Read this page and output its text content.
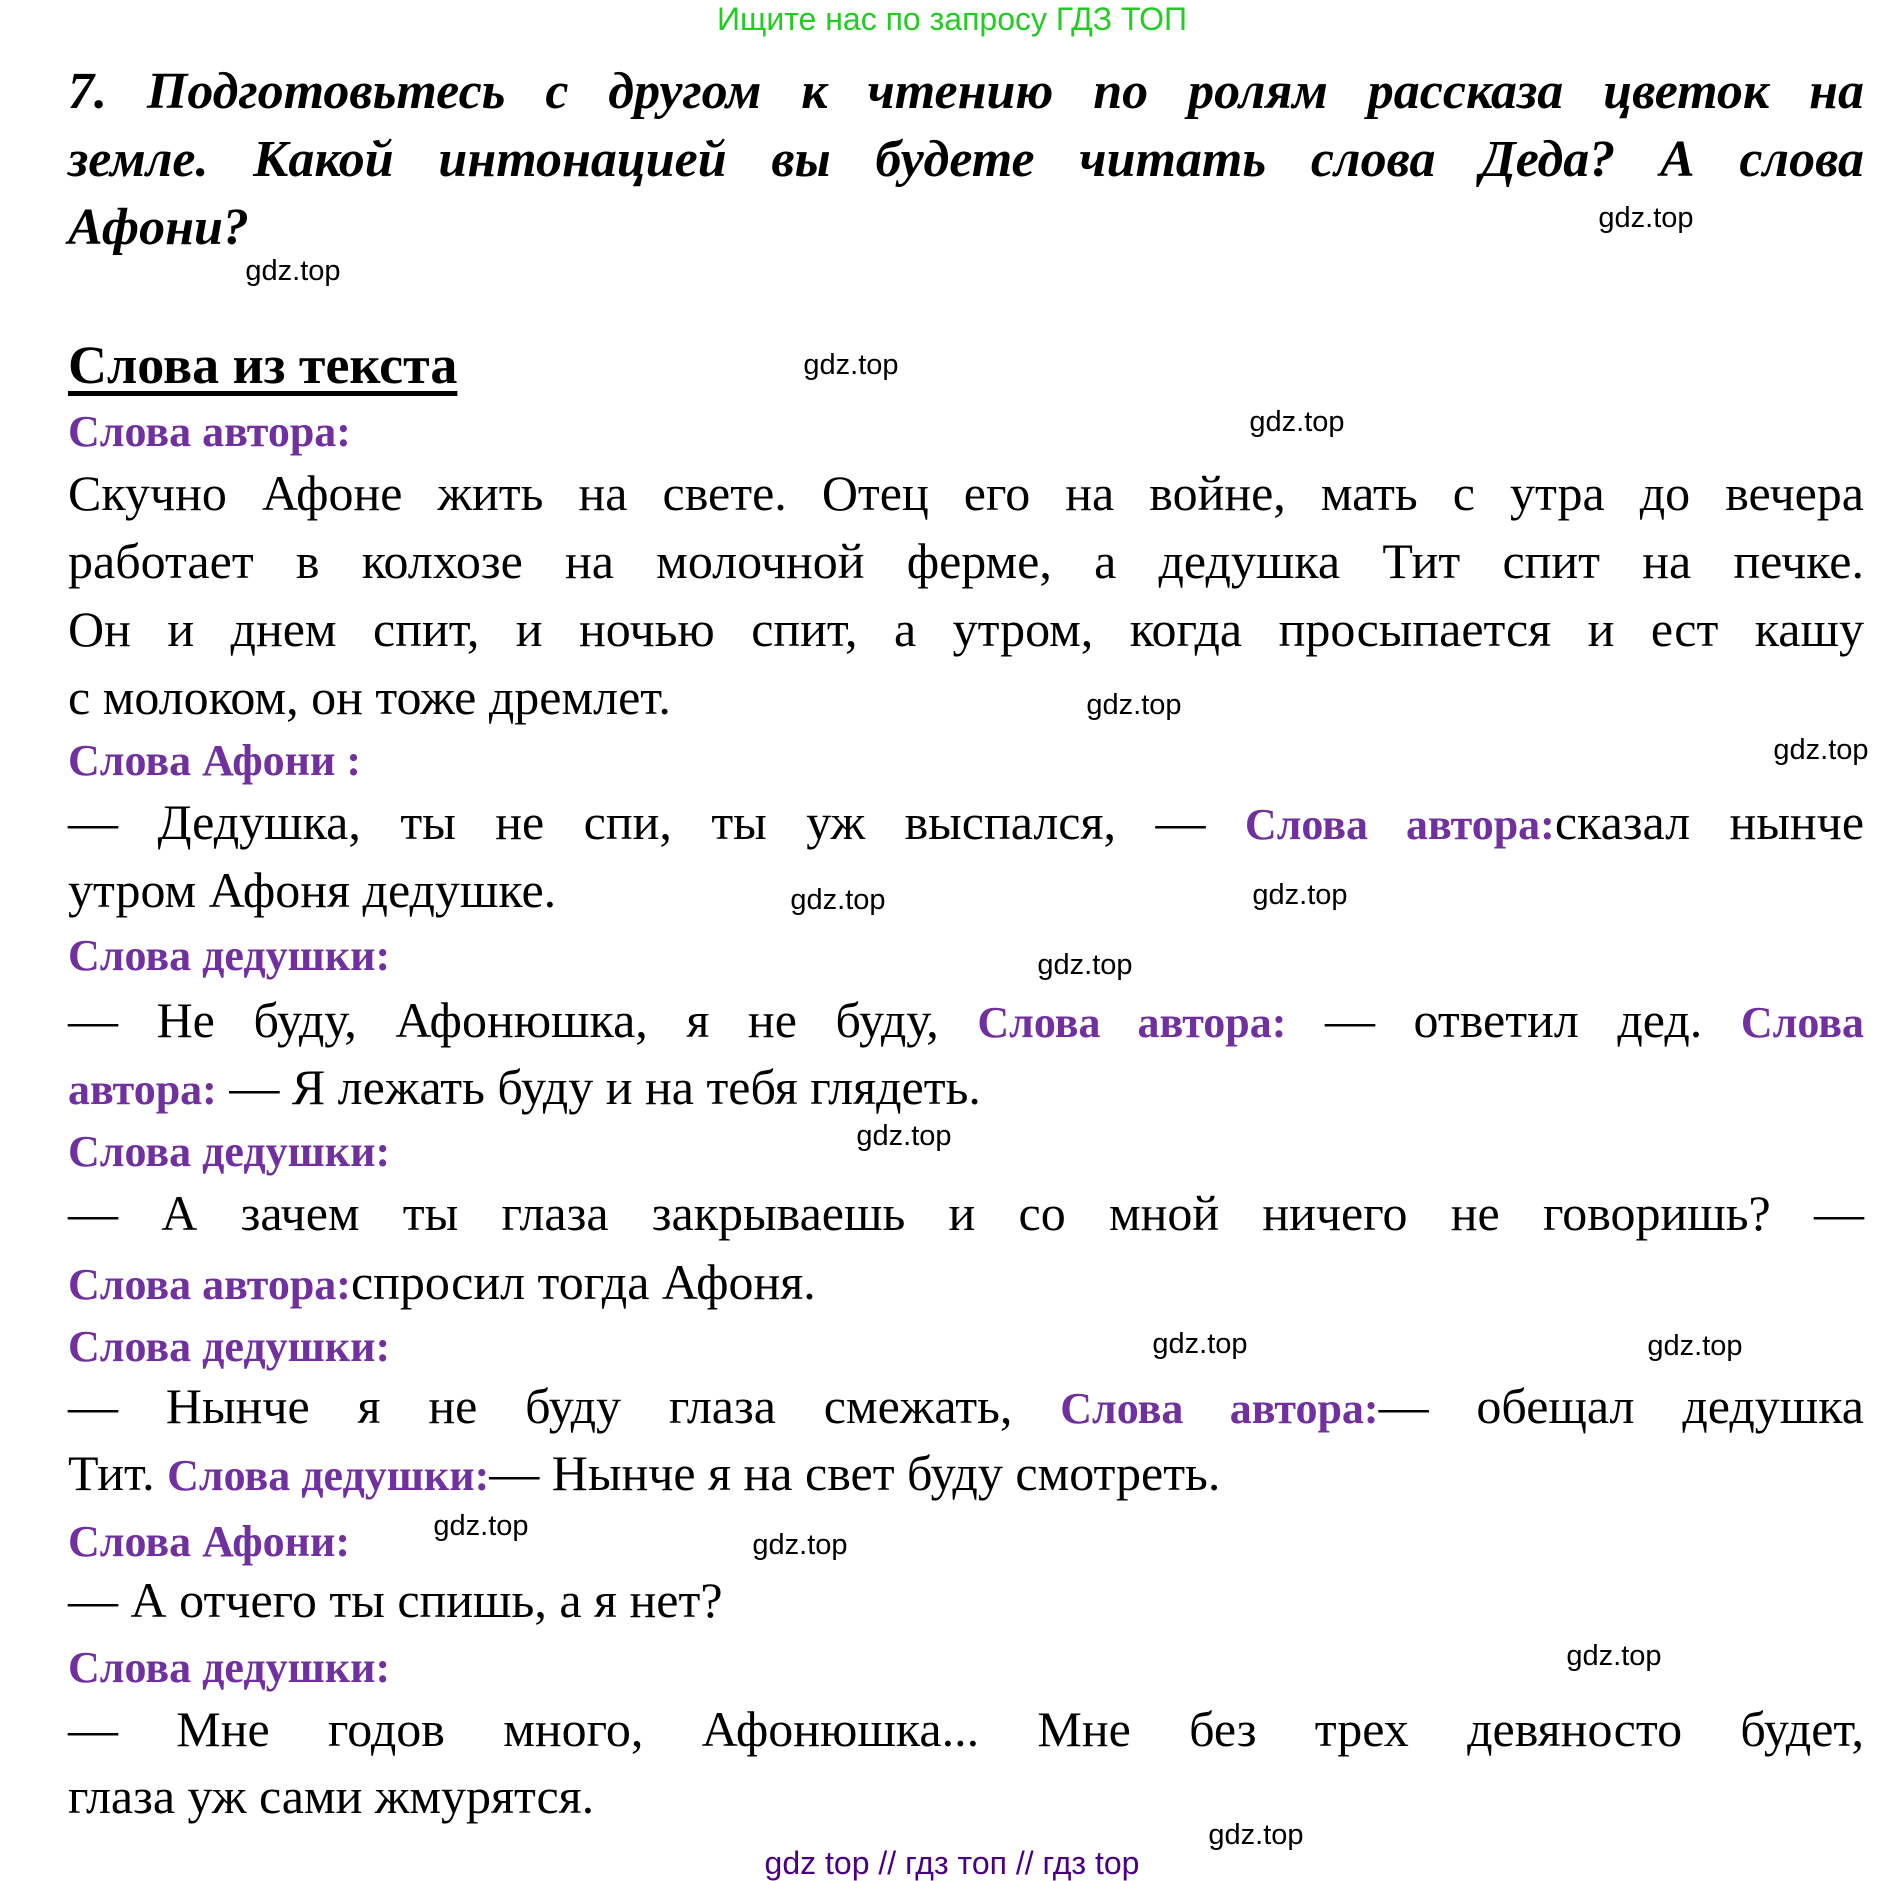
Ищите нас по запросу ГДЗ ТОП
7. Подготовьтесь с другом к чтению по ролям рассказа цветок на
земле. Какой интонацией вы будете читать слова Деда? А слова
Афони?
Слова из текста
Слова автора:
Скучно Афоне жить на свете. Отец его на войне, мать с утра до вечера
работает в колхозе на молочной ферме, а дедушка Тит спит на печке.
Он и днем спит, и ночью спит, а утром, когда просыпается и ест кашу
с молоком, он тоже дремлет.
Слова Афони :
— Дедушка, ты не спи, ты уж выспался, — Слова автора:сказал нынче
утром Афоня дедушке.
Слова дедушки:
— Не буду, Афонюшка, я не буду, Слова автора: — ответил дед. Слова
автора: — Я лежать буду и на тебя глядеть.
Слова дедушки:
— А зачем ты глаза закрываешь и со мной ничего не говоришь? —
Слова автора:спросил тогда Афоня.
Слова дедушки:
— Нынче я не буду глаза смежать, Слова автора:— обещал дедушка
Тит. Слова дедушки:— Нынче я на свет буду смотреть.
Слова Афони:
— А отчего ты спишь, а я нет?
Слова дедушки:
— Мне годов много, Афонюшка... Мне без трех девяносто будет,
глаза уж сами жмурятся.
gdz.top
gdz.top
gdz.top
gdz.top
gdz.top
gdz.top
gdz.top
gdz.top
gdz.top
gdz.top
gdz.top
gdz.top
gdz.top
gdz.top
gdz.top
gdz.top
gdz top // гдз топ // гдз top
